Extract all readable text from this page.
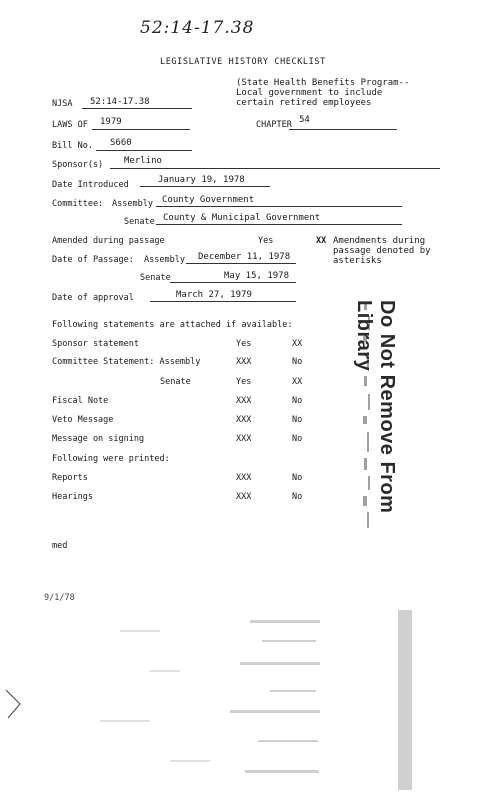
52:14-17.38
LEGISLATIVE HISTORY CHECKLIST
(State Health Benefits Program--
Local government to include
certain retired employees
NJSA 52:14-17.38
LAWS OF 1979	CHAPTER 54
Bill No. S660
Sponsor(s) Merlino
Date Introduced	January 19, 1978
Committee: Assembly County Government
Senate County & Municipal Government
Amended during passage	Yes	XX Amendments during
passage denoted by
asterisks
Date of Passage: Assembly December 11, 1978
Senate	May 15, 1978
Date of approval	March 27, 1979
Following statements are attached if available:
Sponsor statement	Yes	XX
Committee Statement: Assembly	XXX	No
Senate	Yes	XX
Fiscal Note	XXX	No
Veto Message	XXX	No
Message on signing	XXX	No
Following were printed:
Reports	XXX	No
Hearings	XXX	No
med
9/1/78
Do Not Remove From Library
